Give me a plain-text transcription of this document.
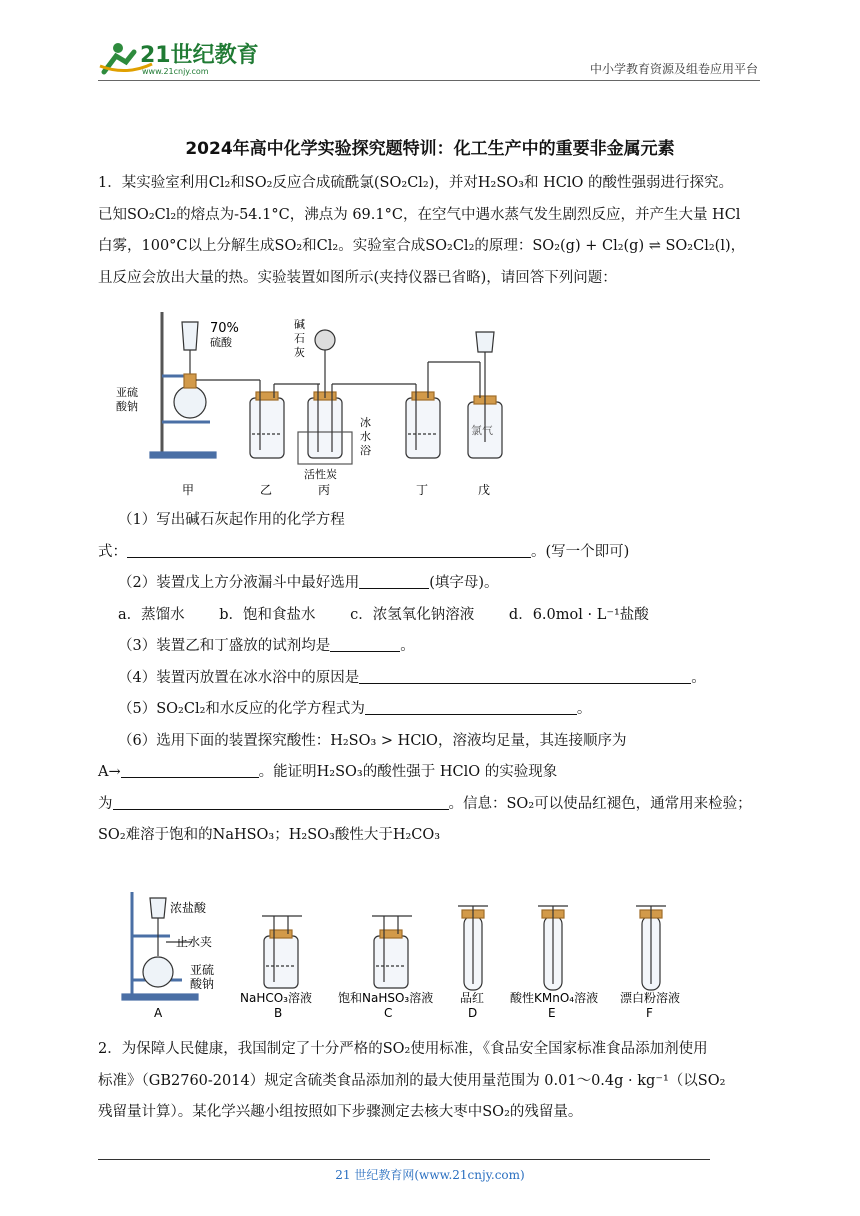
21世纪教育
www.21cnjy.com	中小学教育资源及组卷应用平台
2024年高中化学实验探究题特训：化工生产中的重要非金属元素
1．某实验室利用Cl₂和SO₂反应合成硫酰氯(SO₂Cl₂)，并对H₂SO₃和 HClO 的酸性强弱进行探究。
已知SO₂Cl₂的熔点为-54.1°C，沸点为 69.1°C，在空气中遇水蒸气发生剧烈反应，并产生大量 HCl
白雾，100°C以上分解生成SO₂和Cl₂。实验室合成SO₂Cl₂的原理：SO₂(g) + Cl₂(g) ⇌ SO₂Cl₂(l)，
且反应会放出大量的热。实验装置如图所示(夹持仪器已省略)，请回答下列问题：
70%
硫酸
亚硫
酸钠
碱
石
灰
冰
水
浴
活性炭
氯气
甲	乙	丙	丁	戊
（1）写出碱石灰起作用的化学方程
式：	。(写一个即可)
（2）装置戊上方分液漏斗中最好选用	(填字母)。
a．蒸馏水 b．饱和食盐水 c．浓氢氧化钠溶液 d．6.0mol · L⁻¹盐酸
（3）装置乙和丁盛放的试剂均是	。
（4）装置丙放置在冰水浴中的原因是	。
（5）SO₂Cl₂和水反应的化学方程式为	。
（6）选用下面的装置探究酸性：H₂SO₃ > HClO，溶液均足量，其连接顺序为
A→	。能证明H₂SO₃的酸性强于 HClO 的实验现象
为	。信息：SO₂可以使品红褪色，通常用来检验；
SO₂难溶于饱和的NaHSO₃；H₂SO₃酸性大于H₂CO₃
浓盐酸
止水夹
亚硫
酸钠
NaHCO₃溶液 饱和NaHSO₃溶液 品红 酸性KMnO₄溶液 漂白粉溶液
A	B	C	D	E	F
2．为保障人民健康，我国制定了十分严格的SO₂使用标准，《食品安全国家标准食品添加剂使用
标准》（GB2760-2014）规定含硫类食品添加剂的最大使用量范围为 0.01～0.4g · kg⁻¹（以SO₂
残留量计算）。某化学兴趣小组按照如下步骤测定去核大枣中SO₂的残留量。
21 世纪教育网(www.21cnjy.com)
